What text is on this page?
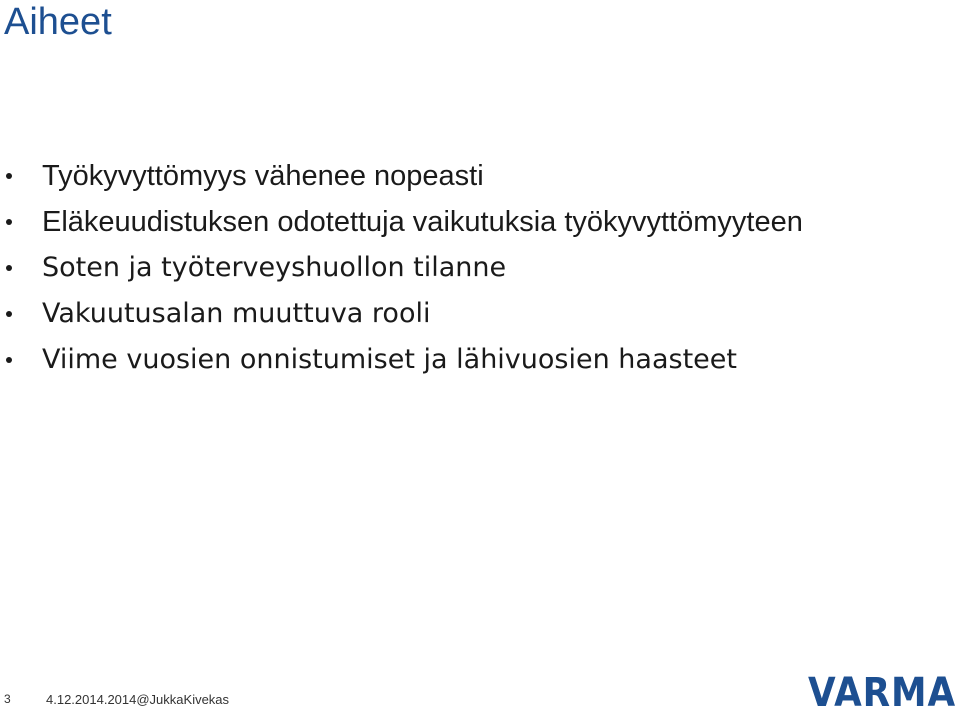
Aiheet
Työkyvyttömyys vähenee nopeasti
Eläkeuudistuksen odotettuja vaikutuksia työkyvyttömyyteen
Soten ja työterveyshuollon tilanne
Vakuutusalan muuttuva rooli
Viime vuosien onnistumiset ja lähivuosien haasteet
3	4.12.2014.2014@JukkaKivekas	VARMA
